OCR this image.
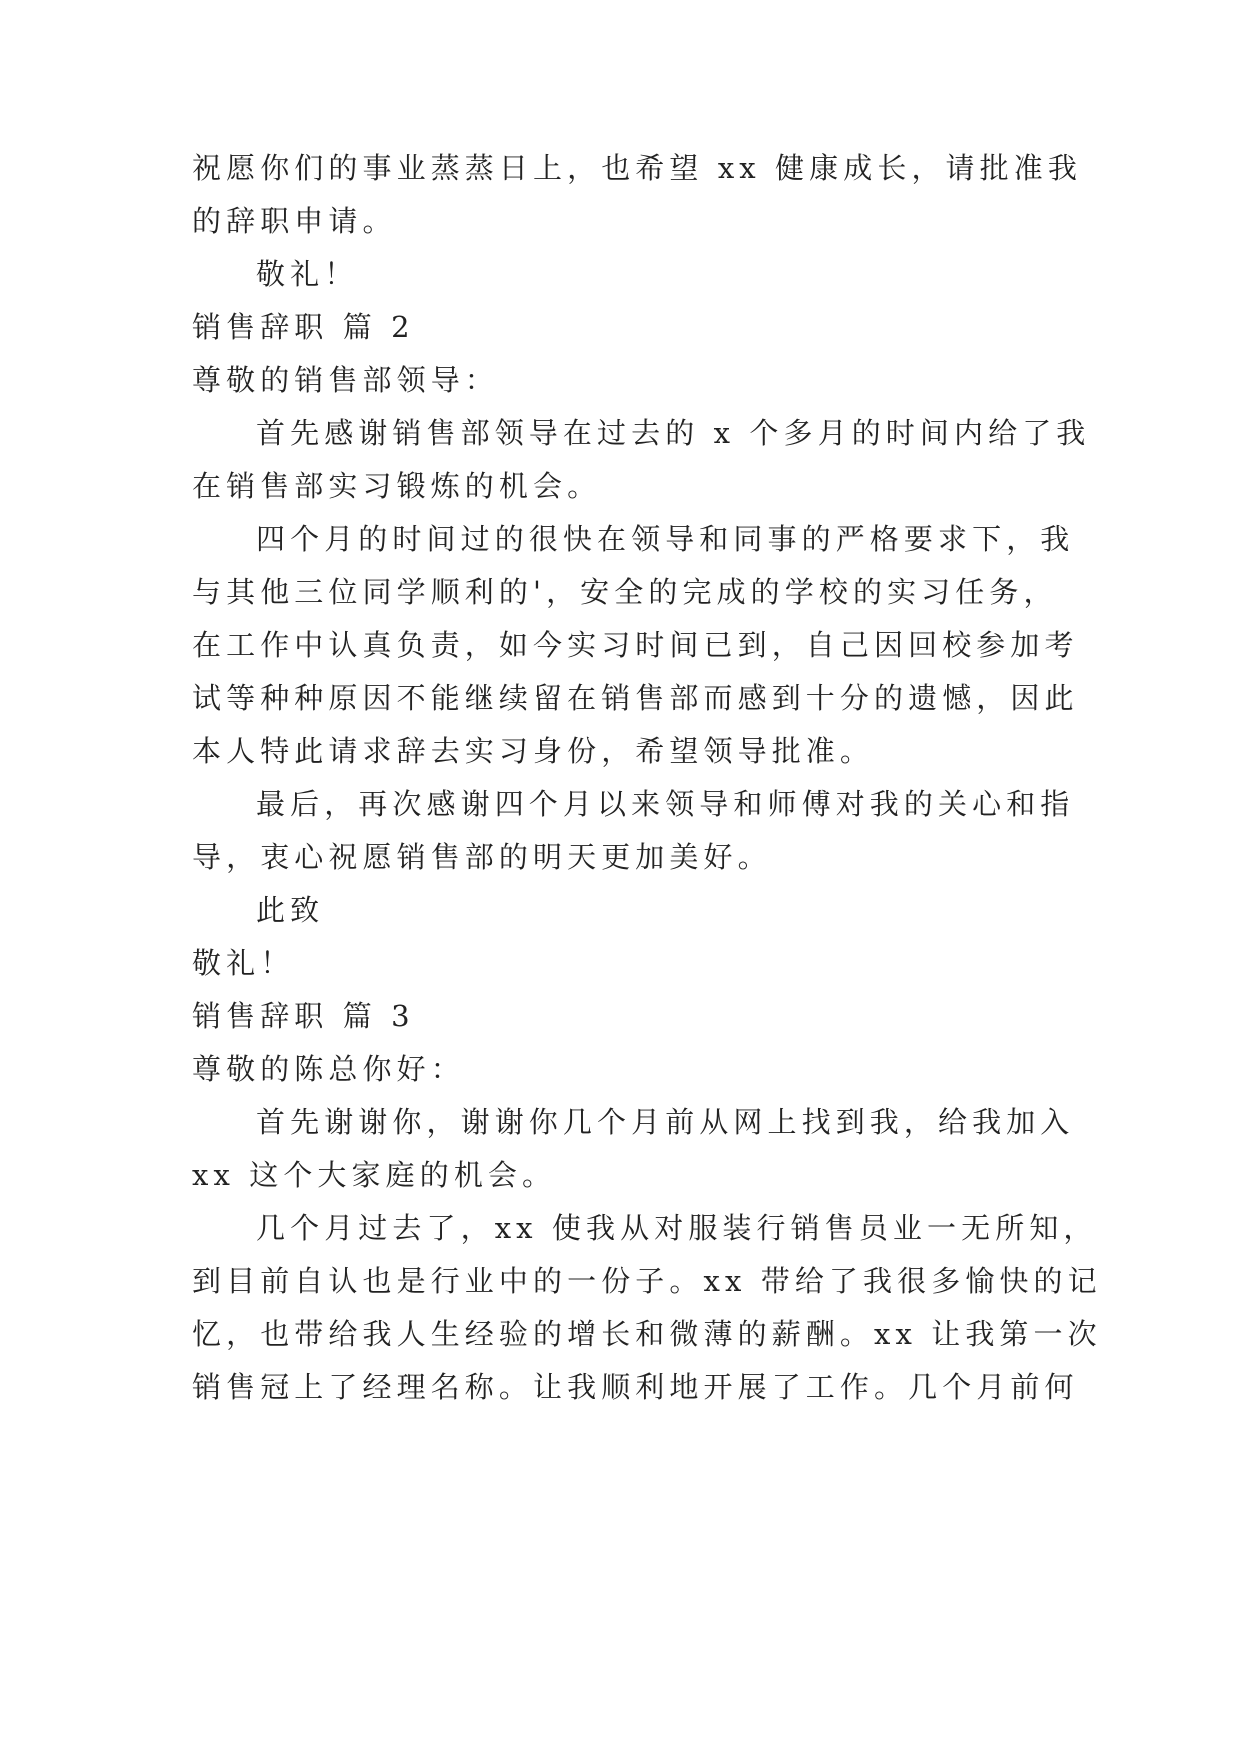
祝愿你们的事业蒸蒸日上，也希望 xx 健康成长，请批准我
的辞职申请。
敬礼！
销售辞职 篇 2
尊敬的销售部领导：
首先感谢销售部领导在过去的 x 个多月的时间内给了我
在销售部实习锻炼的机会。
四个月的时间过的很快在领导和同事的严格要求下，我
与其他三位同学顺利的'，安全的完成的学校的实习任务，
在工作中认真负责，如今实习时间已到，自己因回校参加考
试等种种原因不能继续留在销售部而感到十分的遗憾，因此
本人特此请求辞去实习身份，希望领导批准。
最后，再次感谢四个月以来领导和师傅对我的关心和指
导，衷心祝愿销售部的明天更加美好。
此致
敬礼！
销售辞职 篇 3
尊敬的陈总你好：
首先谢谢你，谢谢你几个月前从网上找到我，给我加入
xx 这个大家庭的机会。
几个月过去了，xx 使我从对服装行销售员业一无所知，
到目前自认也是行业中的一份子。xx 带给了我很多愉快的记
忆，也带给我人生经验的增长和微薄的薪酬。xx 让我第一次
销售冠上了经理名称。让我顺利地开展了工作。几个月前何
